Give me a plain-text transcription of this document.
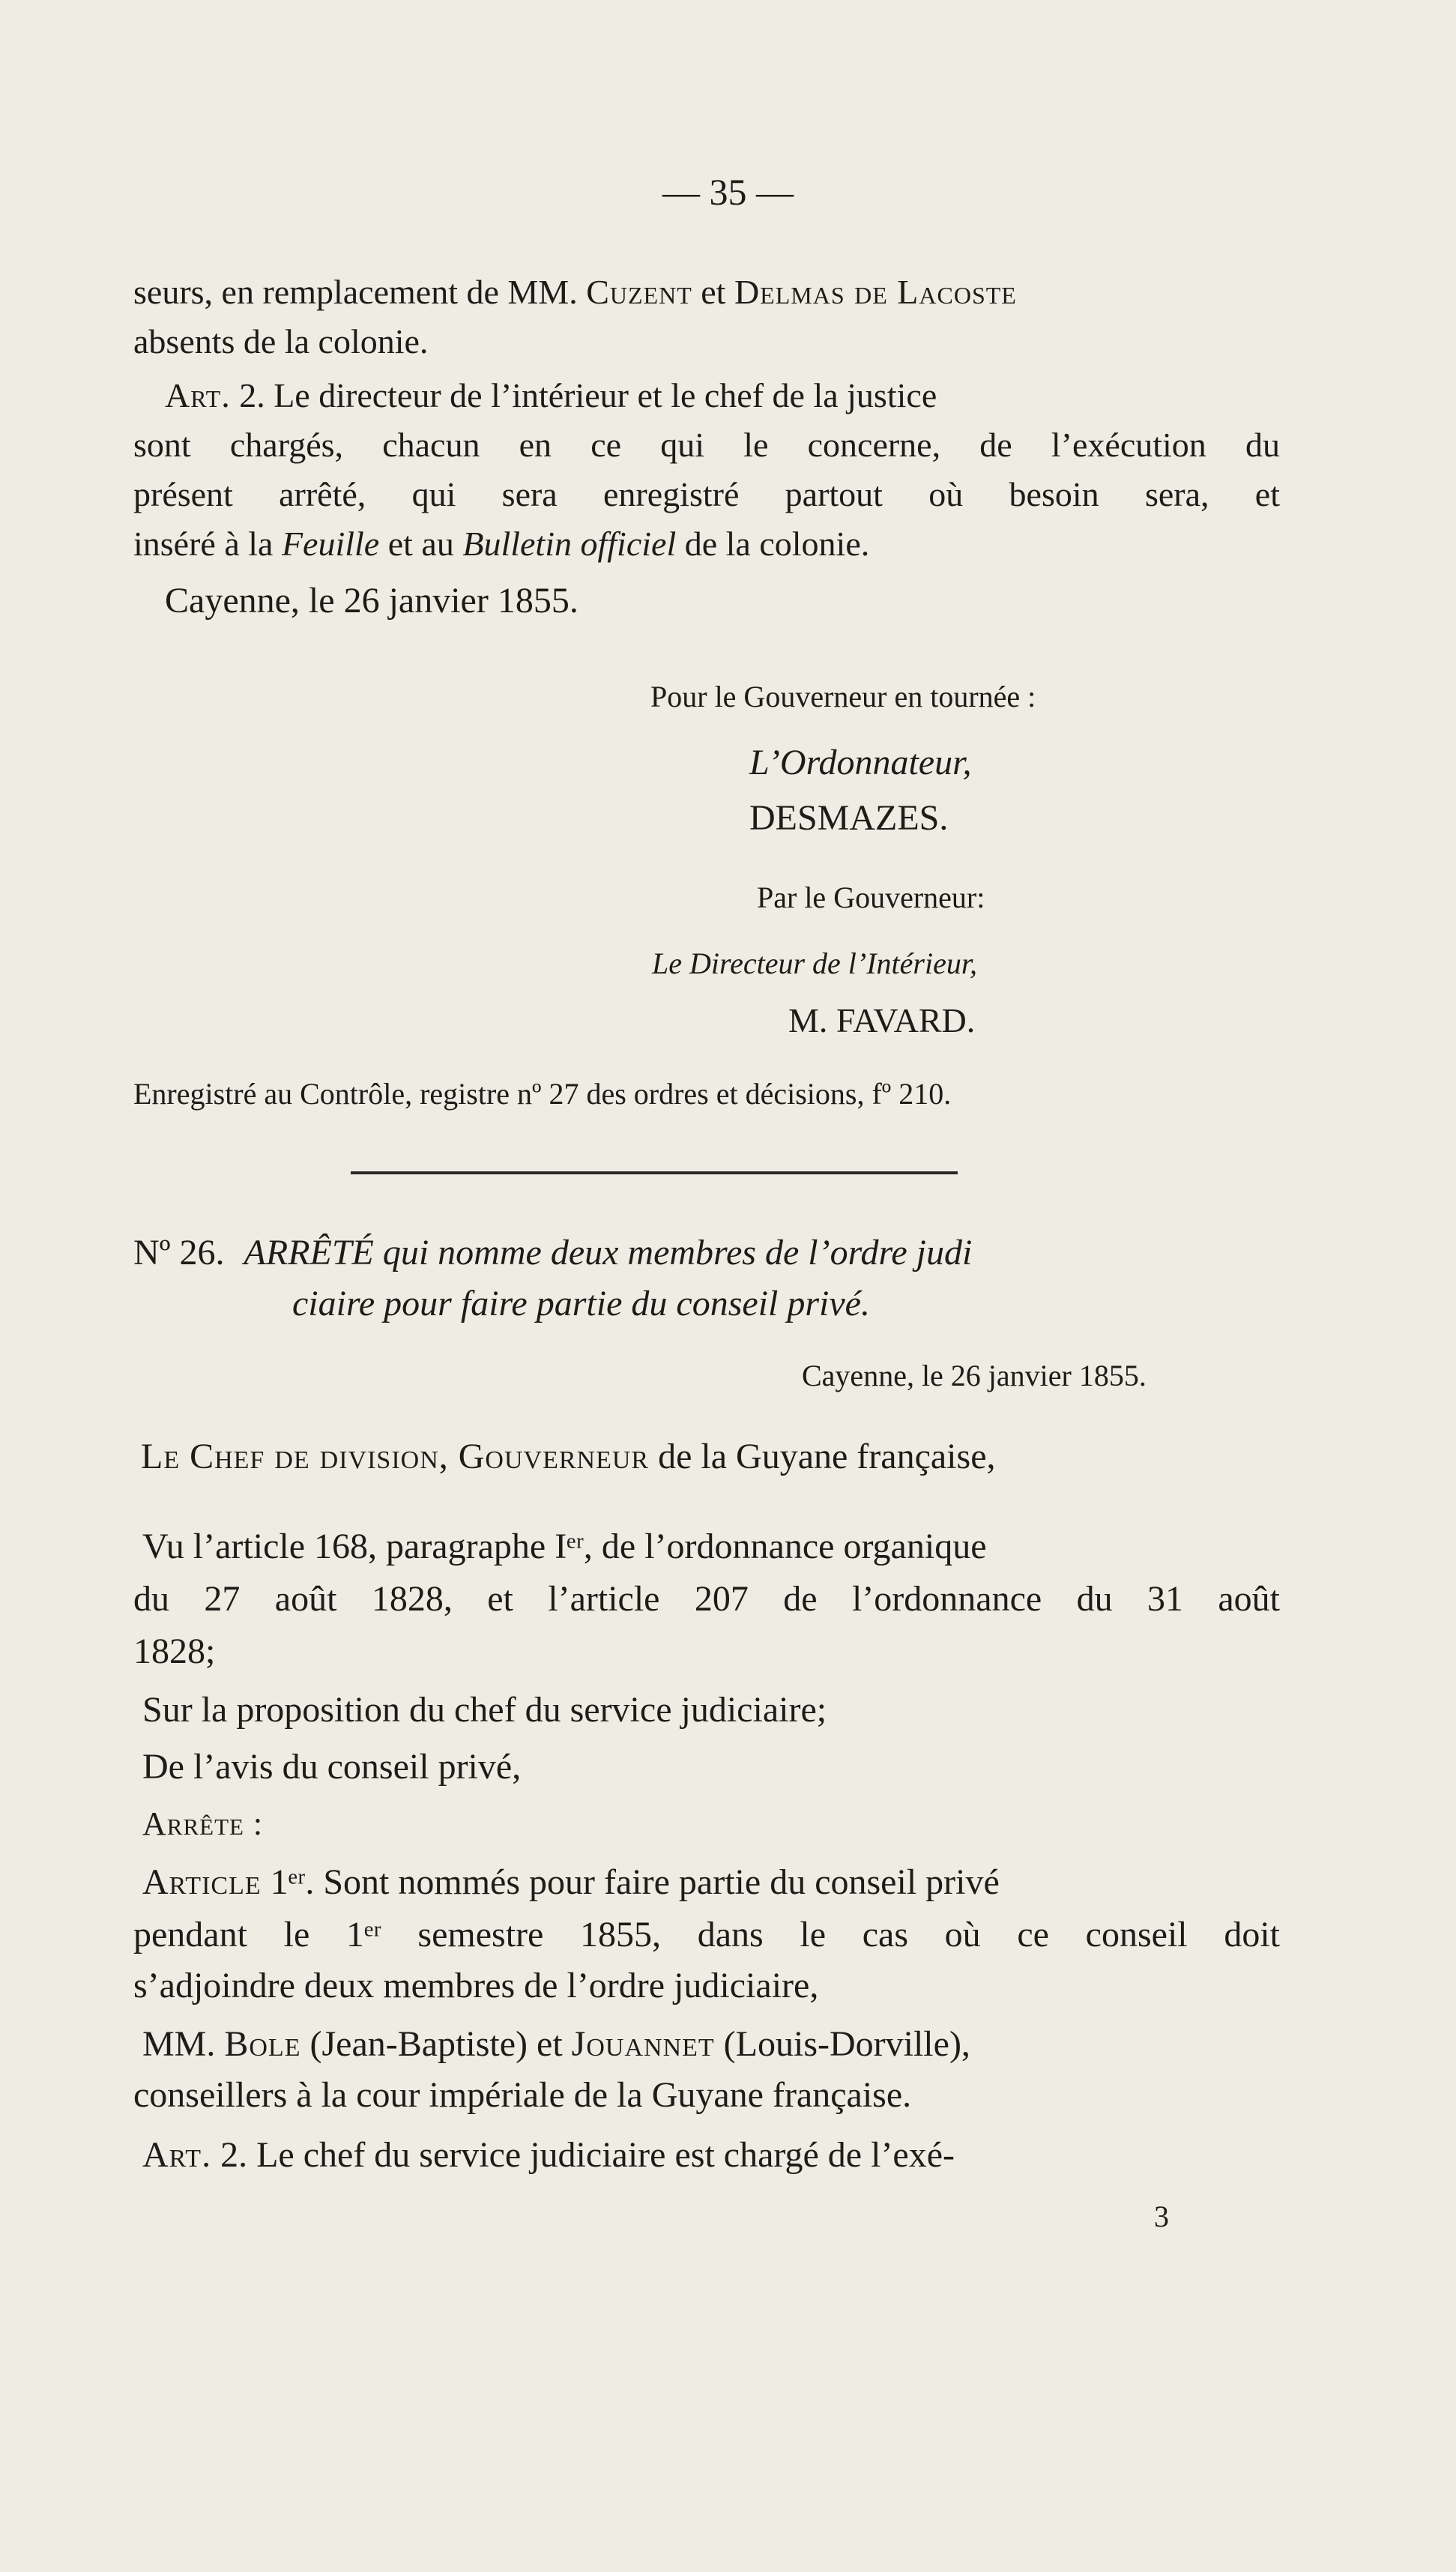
— 35 —
seurs, en remplacement de MM. Cuzent et Delmas de Lacoste
absents de la colonie.
Art. 2. Le directeur de l’intérieur et le chef de la justice
sont chargés, chacun en ce qui le concerne, de l’exécution du
présent arrêté, qui sera enregistré partout où besoin sera, et
inséré à la Feuille et au Bulletin officiel de la colonie.
Cayenne, le 26 janvier 1855.
Pour le Gouverneur en tournée :
L’Ordonnateur,
DESMAZES.
Par le Gouverneur:
Le Directeur de l’Intérieur,
M. FAVARD.
Enregistré au Contrôle, registre nº 27 des ordres et décisions, fº 210.
Nº 26. ARRÊTÉ qui nomme deux membres de l’ordre judi
ciaire pour faire partie du conseil privé.
Cayenne, le 26 janvier 1855.
Le Chef de division, Gouverneur de la Guyane française,
Vu l’article 168, paragraphe Iᵉʳ, de l’ordonnance organique
du 27 août 1828, et l’article 207 de l’ordonnance du 31 août
1828;
Sur la proposition du chef du service judiciaire;
De l’avis du conseil privé,
Arrête :
Article 1ᵉʳ. Sont nommés pour faire partie du conseil privé
pendant le 1ᵉʳ semestre 1855, dans le cas où ce conseil doit
s’adjoindre deux membres de l’ordre judiciaire,
MM. Bole (Jean-Baptiste) et Jouannet (Louis-Dorville),
conseillers à la cour impériale de la Guyane française.
Art. 2. Le chef du service judiciaire est chargé de l’exé-
3
